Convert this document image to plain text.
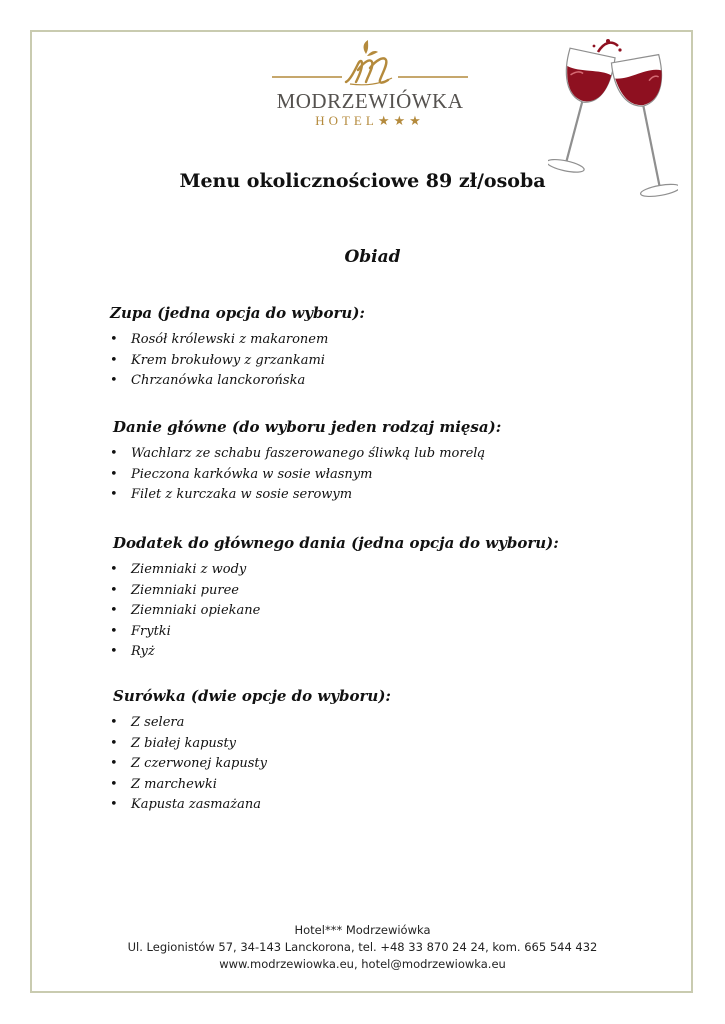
MODRZEWIÓWKA
HOTEL★★★
Menu okolicznościowe 89 zł/osoba
Obiad
Zupa (jedna opcja do wyboru):
• Rosół królewski z makaronem
• Krem brokułowy z grzankami
• Chrzanówka lanckorońska
Danie główne (do wyboru jeden rodzaj mięsa):
• Wachlarz ze schabu faszerowanego śliwką lub morelą
• Pieczona karkówka w sosie własnym
• Filet z kurczaka w sosie serowym
Dodatek do głównego dania (jedna opcja do wyboru):
• Ziemniaki z wody
• Ziemniaki puree
• Ziemniaki opiekane
• Frytki
• Ryż
Surówka (dwie opcje do wyboru):
• Z selera
• Z białej kapusty
• Z czerwonej kapusty
• Z marchewki
• Kapusta zasmażana
Hotel*** Modrzewiówka
Ul. Legionistów 57, 34-143 Lanckorona, tel. +48 33 870 24 24, kom. 665 544 432
www.modrzewiowka.eu, hotel@modrzewiowka.eu
